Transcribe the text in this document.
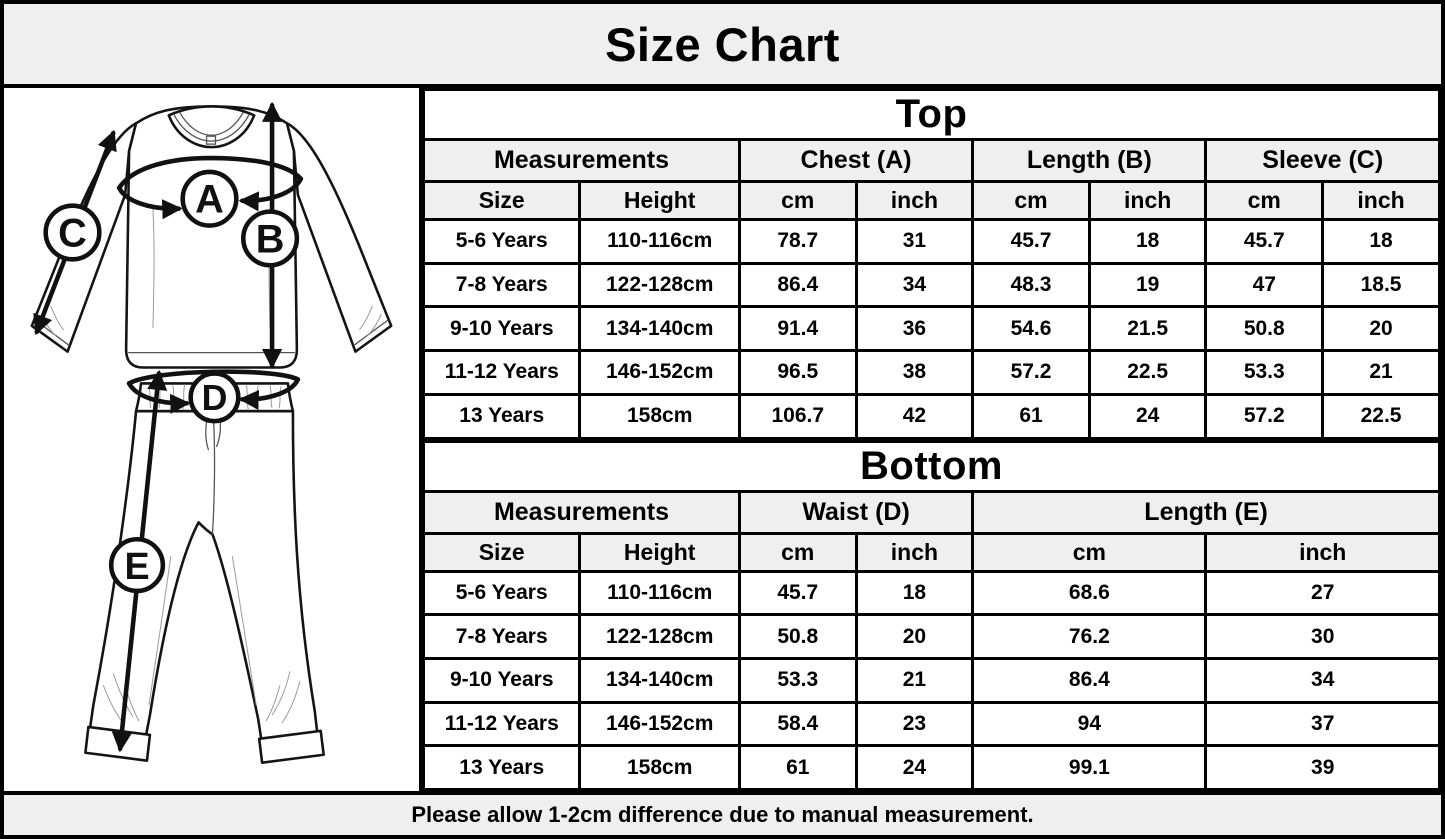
Size Chart
A
B
C
D
E
Top							
Measurements		Chest (A)		Length (B)		Sleeve (C)	
Size	Height	cm	inch	cm	inch	cm	inch
5-6 Years	110-116cm	78.7	31	45.7	18	45.7	18
7-8 Years	122-128cm	86.4	34	48.3	19	47	18.5
9-10 Years	134-140cm	91.4	36	54.6	21.5	50.8	20
11-12 Years	146-152cm	96.5	38	57.2	22.5	53.3	21
13 Years	158cm	106.7	42	61	24	57.2	22.5
Bottom					
Measurements		Waist (D)		Length (E)	
Size	Height	cm	inch	cm	inch
5-6 Years	110-116cm	45.7	18	68.6	27
7-8 Years	122-128cm	50.8	20	76.2	30
9-10 Years	134-140cm	53.3	21	86.4	34
11-12 Years	146-152cm	58.4	23	94	37
13 Years	158cm	61	24	99.1	39
Please allow 1-2cm difference due to manual measurement.
